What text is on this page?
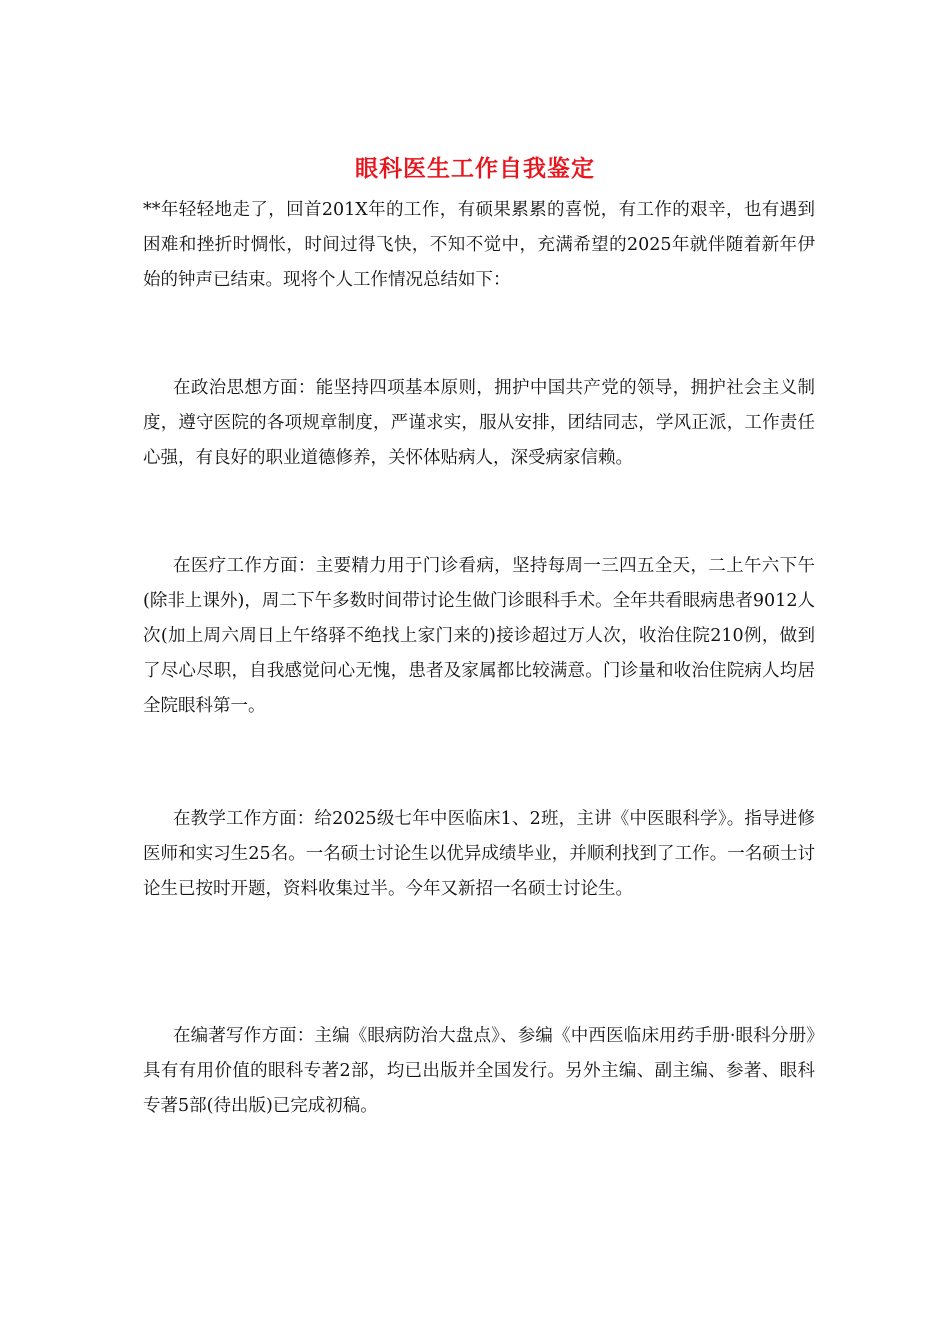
眼科医生工作自我鉴定

**年轻轻地走了，回首201X年的工作，有硕果累累的喜悦，有工作的艰辛，也有遇到困难和挫折时惆怅，时间过得飞快，不知不觉中，充满希望的2025年就伴随着新年伊始的钟声已结束。现将个人工作情况总结如下：

在政治思想方面：能坚持四项基本原则，拥护中国共产党的领导，拥护社会主义制度，遵守医院的各项规章制度，严谨求实，服从安排，团结同志，学风正派，工作责任心强，有良好的职业道德修养，关怀体贴病人，深受病家信赖。

在医疗工作方面：主要精力用于门诊看病，坚持每周一三四五全天，二上午六下午(除非上课外)，周二下午多数时间带讨论生做门诊眼科手术。全年共看眼病患者9012人次(加上周六周日上午络驿不绝找上家门来的)接诊超过万人次，收治住院210例，做到了尽心尽职，自我感觉问心无愧，患者及家属都比较满意。门诊量和收治住院病人均居全院眼科第一。

在教学工作方面：给2025级七年中医临床1、2班，主讲《中医眼科学》。指导进修医师和实习生25名。一名硕士讨论生以优异成绩毕业，并顺利找到了工作。一名硕士讨论生已按时开题，资料收集过半。今年又新招一名硕士讨论生。

在编著写作方面：主编《眼病防治大盘点》、参编《中西医临床用药手册·眼科分册》具有有用价值的眼科专著2部，均已出版并全国发行。另外主编、副主编、参著、眼科专著5部(待出版)已完成初稿。
